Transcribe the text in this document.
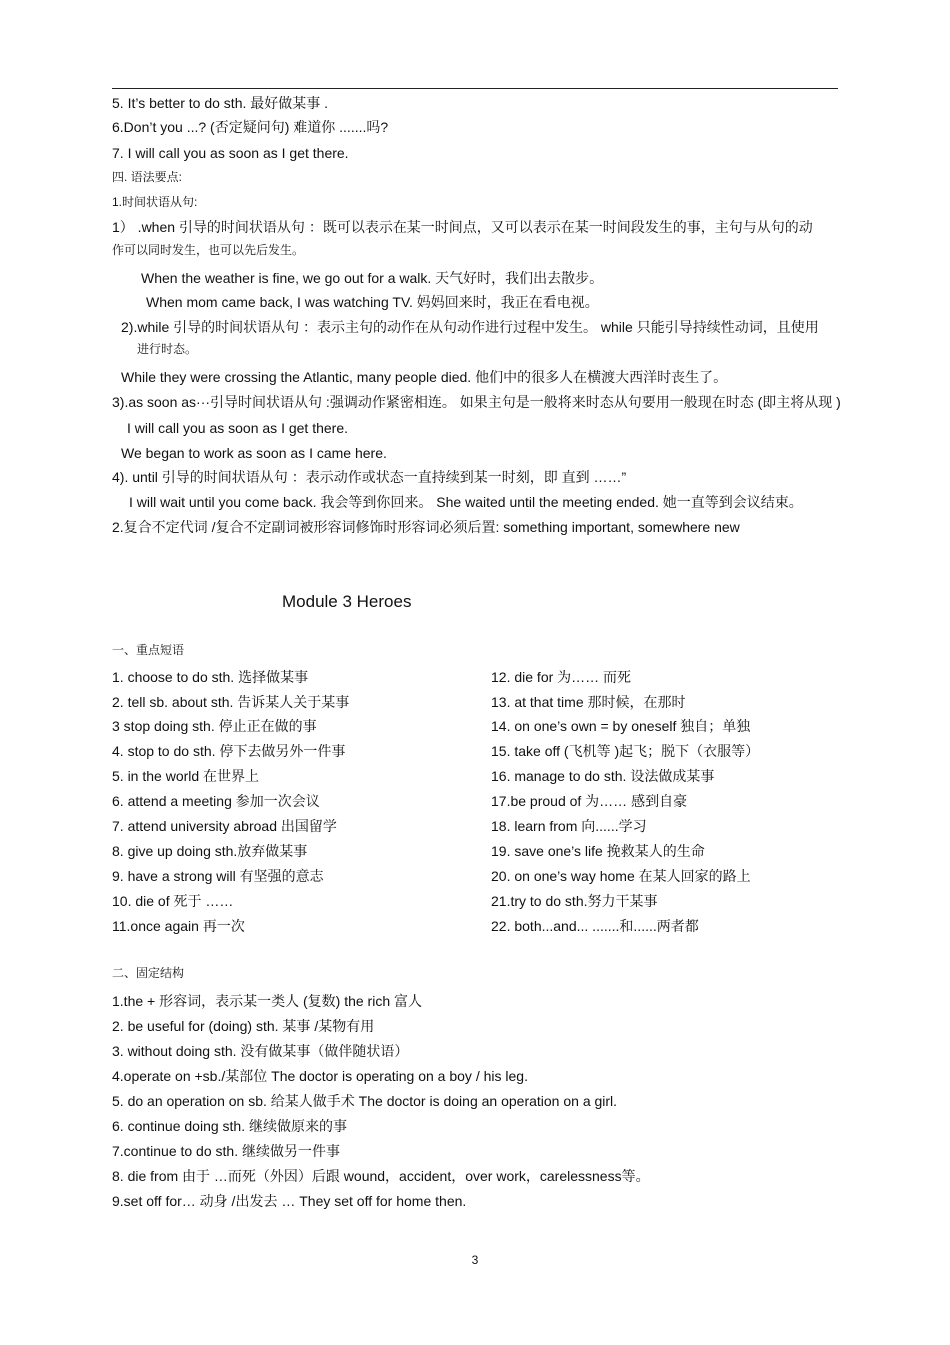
5. It’s better to do sth. 最好做某事 .
6.Don’t you ...? (否定疑问句) 难道你 .......吗?
7. I will call you as soon as I get there.
四. 语法要点:
1.时间状语从句:
1） .when 引导的时间状语从句 ：既可以表示在某一时间点，又可以表示在某一时间段发生的事，主句与从句的动
作可以同时发生，也可以先后发生。
When the weather is fine, we go out for a walk. 天气好时，我们出去散步。
When mom came back, I was watching TV. 妈妈回来时，我正在看电视。
2).while 引导的时间状语从句 ：表示主句的动作在从句动作进行过程中发生。 while 只能引导持续性动词，且使用
进行时态。
While they were crossing the Atlantic, many people died. 他们中的很多人在横渡大西洋时丧生了。
3).as soon as···引导时间状语从句 :强调动作紧密相连。 如果主句是一般将来时态从句要用一般现在时态 (即主将从现 )
I will call you as soon as I get there.
We began to work as soon as I came here.
4). until 引导的时间状语从句 ：表示动作或状态一直持续到某一时刻，即 直到 ……”
I will wait until you come back. 我会等到你回来。 She waited until the meeting ended. 她一直等到会议结束。
2.复合不定代词 /复合不定副词被形容词修饰时形容词必须后置: something important, somewhere new
Module 3 Heroes
一、重点短语
1. choose to do sth. 选择做某事
2. tell sb. about sth. 告诉某人关于某事
3 stop doing sth. 停止正在做的事
4. stop to do sth. 停下去做另外一件事
5. in the world 在世界上
6. attend a meeting 参加一次会议
7. attend university abroad 出国留学
8. give up doing sth.放弃做某事
9. have a strong will 有坚强的意志
10. die of 死于 ……
11.once again 再一次
12. die for 为…… 而死
13. at that time 那时候，在那时
14. on one’s own = by oneself 独自；单独
15. take off (飞机等 )起飞；脱下（衣服等）
16. manage to do sth. 设法做成某事
17.be proud of 为…… 感到自豪
18. learn from 向......学习
19. save one’s life 挽救某人的生命
20. on one’s way home 在某人回家的路上
21.try to do sth.努力干某事
22. both...and... .......和......两者都
二、固定结构
1.the + 形容词，表示某一类人 (复数) the rich 富人
2. be useful for (doing) sth. 某事 /某物有用
3. without doing sth. 没有做某事（做伴随状语）
4.operate on +sb./某部位 The doctor is operating on a boy / his leg.
5. do an operation on sb. 给某人做手术 The doctor is doing an operation on a girl.
6. continue doing sth. 继续做原来的事
7.continue to do sth. 继续做另一件事
8. die from 由于 …而死（外因）后跟 wound，accident，over work，carelessness等。
9.set off for… 动身 /出发去 … They set off for home then.
3
